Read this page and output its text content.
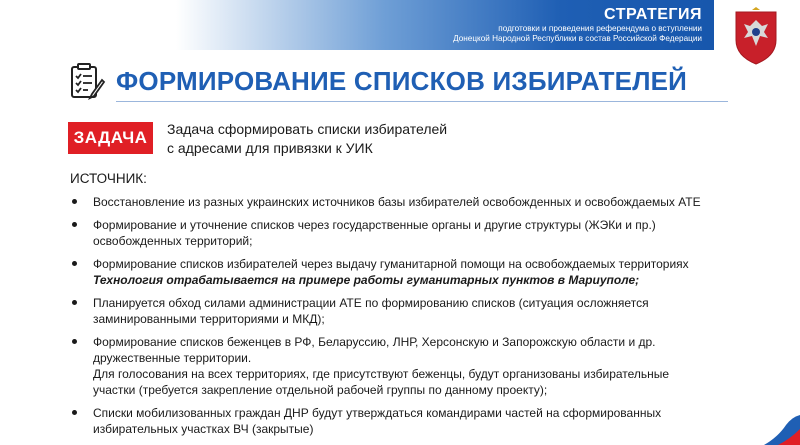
СТРАТЕГИЯ
подготовки и проведения референдума о вступлении
Донецкой Народной Республики в состав Российской Федерации
ФОРМИРОВАНИЕ СПИСКОВ ИЗБИРАТЕЛЕЙ
ЗАДАЧА	Задача сформировать списки избирателей
с адресами для привязки к УИК
ИСТОЧНИК:
Восстановление из разных украинских источников базы избирателей освобожденных и освобождаемых АТЕ
Формирование и уточнение списков через государственные органы и другие структуры (ЖЭКи и пр.)
освобожденных территорий;
Формирование списков избирателей через выдачу гуманитарной помощи на освобождаемых территориях
Технология отрабатывается на примере работы гуманитарных пунктов в Мариуполе;
Планируется обход силами администрации АТЕ по формированию списков (ситуация осложняется
заминированными территориями и МКД);
Формирование списков беженцев в РФ, Беларуссию, ЛНР, Херсонскую и Запорожскую области и др.
дружественные территории.
Для голосования на всех территориях, где присутствуют беженцы, будут организованы избирательные
участки (требуется закрепление отдельной рабочей группы по данному проекту);
Списки мобилизованных граждан ДНР будут утверждаться командирами частей на сформированных
избирательных участках ВЧ (закрытые)
4
